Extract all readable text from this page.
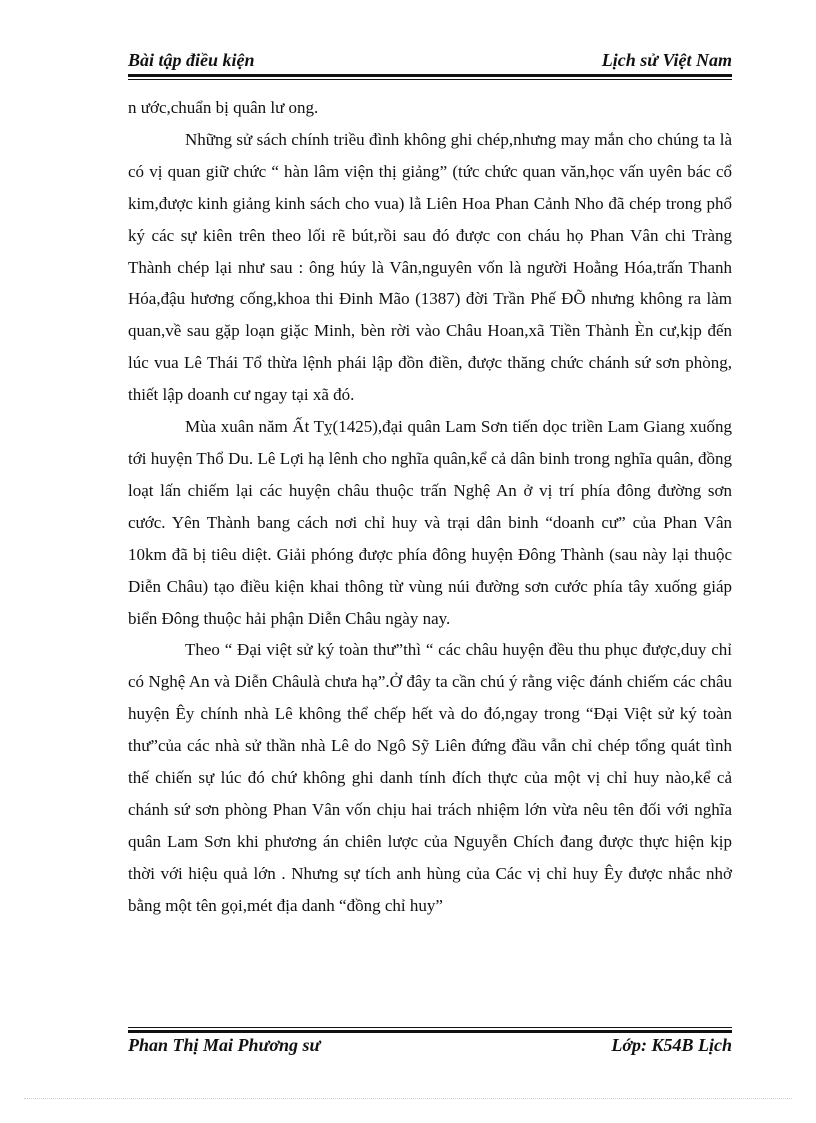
Bài tập điều kiện	Lịch sử Việt Nam

n ước,chuẩn bị quân lư ong.

Những sử sách chính triều đình không ghi chép,nhưng may mắn cho chúng ta là có vị quan giữ chức “ hàn lâm viện thị giảng” (tức chức quan văn,học vấn uyên bác cổ kim,được kinh giảng kinh sách cho vua) lằ Liên Hoa Phan Cảnh Nho đã chép trong phổ ký các sự kiên trên theo lối rẽ bút,rồi sau đó được con cháu họ Phan Vân chi Tràng Thành chép lại như sau : ông húy là Vân,nguyên vốn là người Hoằng Hóa,trấn Thanh Hóa,đậu hương cống,khoa thi Đinh Mão (1387) đời Trần Phế ĐÕ nhưng không ra làm quan,về sau gặp loạn giặc Minh, bèn rời vào Châu Hoan,xã Tiền Thành Èn cư,kịp đến lúc vua Lê Thái Tổ thừa lệnh phái lập đồn điền, được thăng chức chánh sứ sơn phòng, thiết lập doanh cư ngay tại xã đó.

Mùa xuân năm Ất Tỵ(1425),đại quân Lam Sơn tiến dọc triền Lam Giang xuống tới huyện Thổ Du. Lê Lợi hạ lênh cho nghĩa quân,kể cả dân binh trong nghĩa quân, đồng loạt lấn chiếm lại các huyện châu thuộc trấn Nghệ An ở vị trí phía đông đường sơn cước. Yên Thành bang cách nơi chỉ huy và trại dân binh “doanh cư” của Phan Vân 10km đã bị tiêu diệt. Giải phóng được phía đông huyện Đông Thành (sau này lại thuộc Diễn Châu) tạo điều kiện khai thông từ vùng núi đường sơn cước phía tây xuống giáp biển Đông thuộc hải phận Diễn Châu ngày nay.

Theo “ Đại việt sử ký toàn thư”thì “ các châu huyện đều thu phục được,duy chỉ có Nghệ An và Diễn Châulà chưa hạ”.Ở đây ta cần chú ý rằng việc đánh chiếm các châu huyện Êy chính nhà Lê không thể chếp hết và do đó,ngay trong “Đại Việt sử ký toàn thư”của các nhà sử thần nhà Lê do Ngô Sỹ Liên đứng đầu vẫn chỉ chép tổng quát tình thế chiến sự lúc đó chứ không ghi danh tính đích thực của một vị chỉ huy nào,kể cả chánh sứ sơn phòng Phan Vân vốn chịu hai trách nhiệm lớn vừa nêu tên đối với nghĩa quân Lam Sơn khi phương án chiên lược của Nguyễn Chích đang được thực hiện kịp thời với hiệu quả lớn . Nhưng sự tích anh hùng của Các vị chỉ huy Êy được nhắc nhở bằng một tên gọi,mét địa danh “đồng chỉ huy”

Phan Thị Mai Phương sư	Lớp: K54B Lịch
